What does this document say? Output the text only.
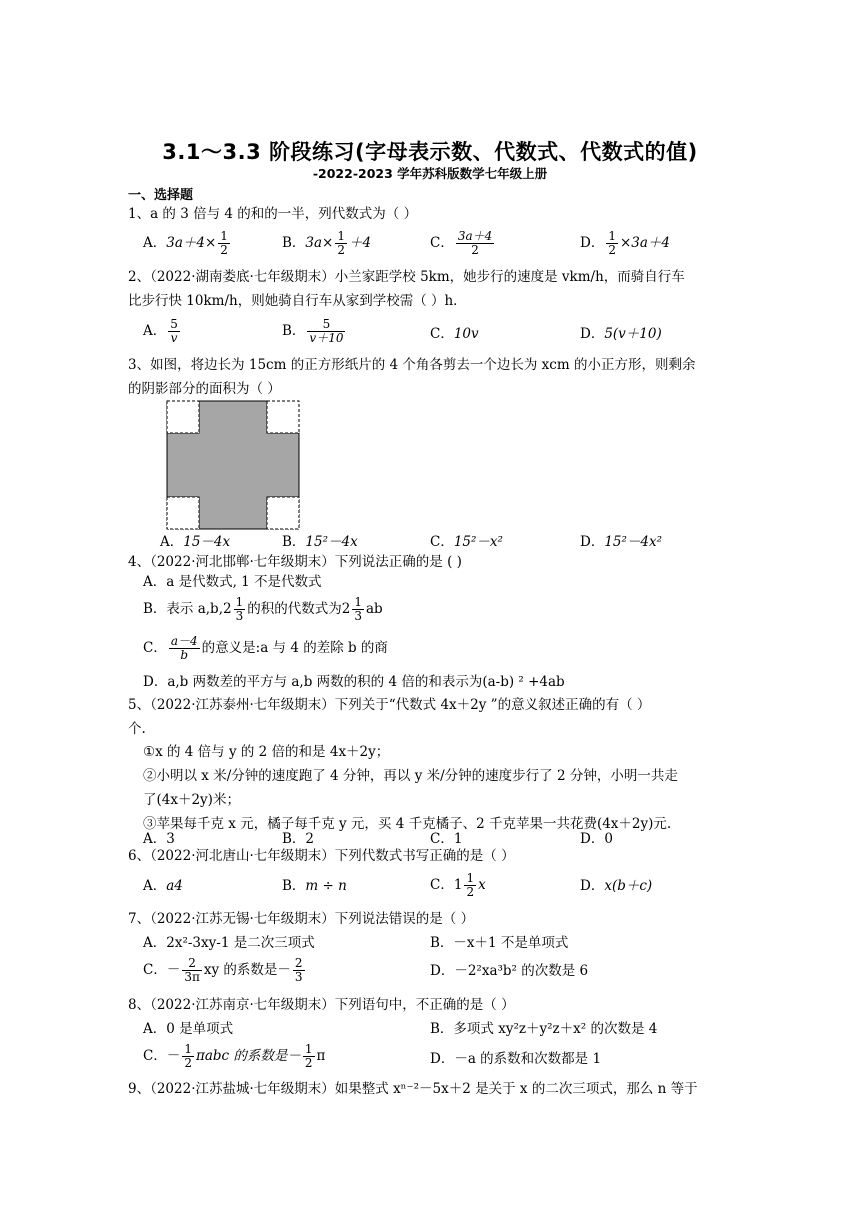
3.1～3.3 阶段练习(字母表示数、代数式、代数式的值)
-2022-2023 学年苏科版数学七年级上册
一、选择题
1、a 的 3 倍与 4 的和的一半，列代数式为（ ）
A．$3a+4\times \frac{1}{2}$	B．$3a\times \frac{1}{2} +4$	C． $\frac{3a+4}{2}$	D． $\frac{1}{2} \times 3a+4$
2、（2022·湖南娄底·七年级期末）小兰家距学校 5km，她步行的速度是 vkm/h，而骑自行车
比步行快 10km/h，则她骑自行车从家到学校需（ ）h．
A． $\frac{5}{v}$	B． $\frac{5}{v+10}$	C．10v	D．5(v＋10)
3、如图，将边长为 15cm 的正方形纸片的 4 个角各剪去一个边长为 xcm 的小正方形，则剩余
的阴影部分的面积为（ ）
A．15－4x	B．15²－4x	C．15²－x²	D．15²－4x²
4、（2022·河北邯郸·七年级期末）下列说法正确的是 ( )
A．a 是代数式, 1 不是代数式
B．表示 $a,b,2 \frac{1}{3}$ 的积的代数式为$2 \frac{1}{3}$ ab
C． $\frac{a-4}{b}$ 的意义是:a 与 4 的差除 b 的商
D．a,b 两数差的平方与 a,b 两数的积的 4 倍的和表示为(a-b) ² +4ab
5、（2022·江苏泰州·七年级期末）下列关于“代数式 4x＋2y ”的意义叙述正确的有（ ）
个.
①x 的 4 倍与 y 的 2 倍的和是 4x＋2y；
②小明以 x 米/分钟的速度跑了 4 分钟，再以 y 米/分钟的速度步行了 2 分钟，小明一共走
了(4x＋2y)米；
③苹果每千克 x 元，橘子每千克 y 元，买 4 千克橘子、2 千克苹果一共花费(4x＋2y)元.
A．3	B．2	C．1	D．0
6、（2022·河北唐山·七年级期末）下列代数式书写正确的是（ ）
A．a4	B．m ÷ n	C．$1 \frac{1}{2}$ x	D．x(b＋c)
7、（2022·江苏无锡·七年级期末）下列说法错误的是（ ）
A．2x²-3xy-1 是二次三项式	B．－x＋1 不是单项式
C．－ $\frac{2}{3\pi}$ xy 的系数是－ $\frac{2}{3}$	D．－2²xa³b² 的次数是 6
8、（2022·江苏南京·七年级期末）下列语句中，不正确的是（ ）
A．0 是单项式	B．多项式 xy²z＋y²z＋x² 的次数是 4
C．－ $\frac{1}{2}$ πabc 的系数是－ $\frac{1}{2}$ π	D．－a 的系数和次数都是 1
9、（2022·江苏盐城·七年级期末）如果整式 xⁿ⁻²－5x＋2 是关于 x 的二次三项式，那么 n 等于
